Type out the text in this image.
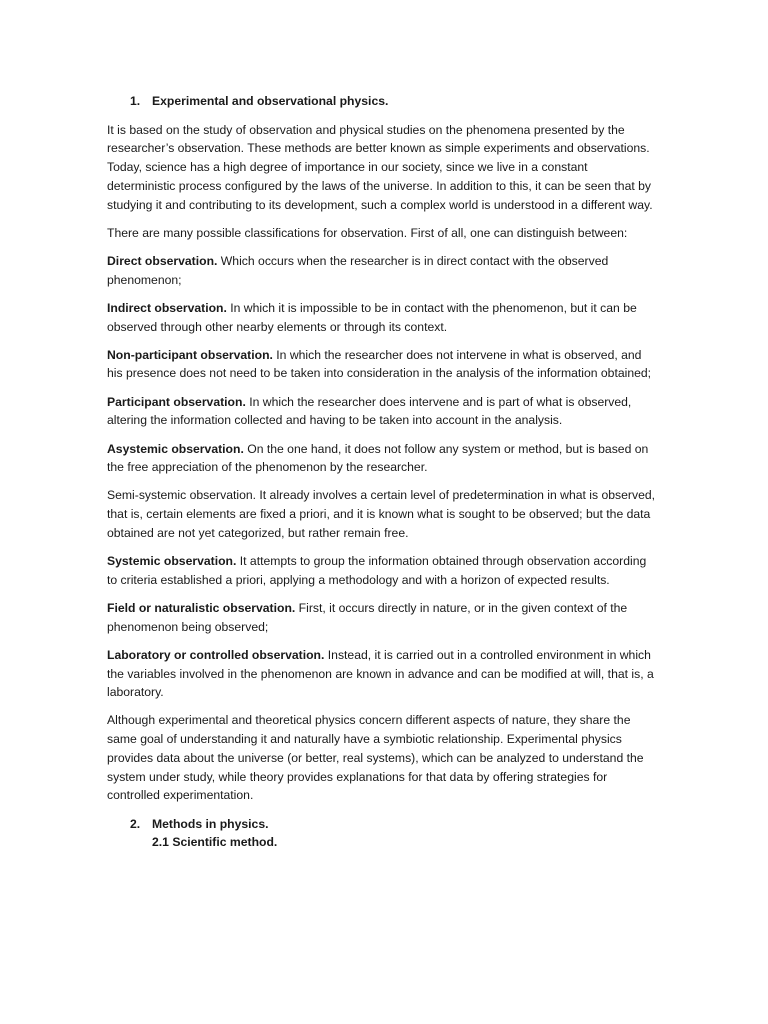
1. Experimental and observational physics.

It is based on the study of observation and physical studies on the phenomena presented by the researcher’s observation. These methods are better known as simple experiments and observations. Today, science has a high degree of importance in our society, since we live in a constant deterministic process configured by the laws of the universe. In addition to this, it can be seen that by studying it and contributing to its development, such a complex world is understood in a different way.

There are many possible classifications for observation. First of all, one can distinguish between:

Direct observation. Which occurs when the researcher is in direct contact with the observed phenomenon;

Indirect observation. In which it is impossible to be in contact with the phenomenon, but it can be observed through other nearby elements or through its context.

Non-participant observation. In which the researcher does not intervene in what is observed, and his presence does not need to be taken into consideration in the analysis of the information obtained;

Participant observation. In which the researcher does intervene and is part of what is observed, altering the information collected and having to be taken into account in the analysis.

Asystemic observation. On the one hand, it does not follow any system or method, but is based on the free appreciation of the phenomenon by the researcher.

Semi-systemic observation. It already involves a certain level of predetermination in what is observed, that is, certain elements are fixed a priori, and it is known what is sought to be observed; but the data obtained are not yet categorized, but rather remain free.

Systemic observation. It attempts to group the information obtained through observation according to criteria established a priori, applying a methodology and with a horizon of expected results.

Field or naturalistic observation. First, it occurs directly in nature, or in the given context of the phenomenon being observed;

Laboratory or controlled observation. Instead, it is carried out in a controlled environment in which the variables involved in the phenomenon are known in advance and can be modified at will, that is, a laboratory.

Although experimental and theoretical physics concern different aspects of nature, they share the same goal of understanding it and naturally have a symbiotic relationship. Experimental physics provides data about the universe (or better, real systems), which can be analyzed to understand the system under study, while theory provides explanations for that data by offering strategies for controlled experimentation.

2. Methods in physics.
2.1 Scientific method.
